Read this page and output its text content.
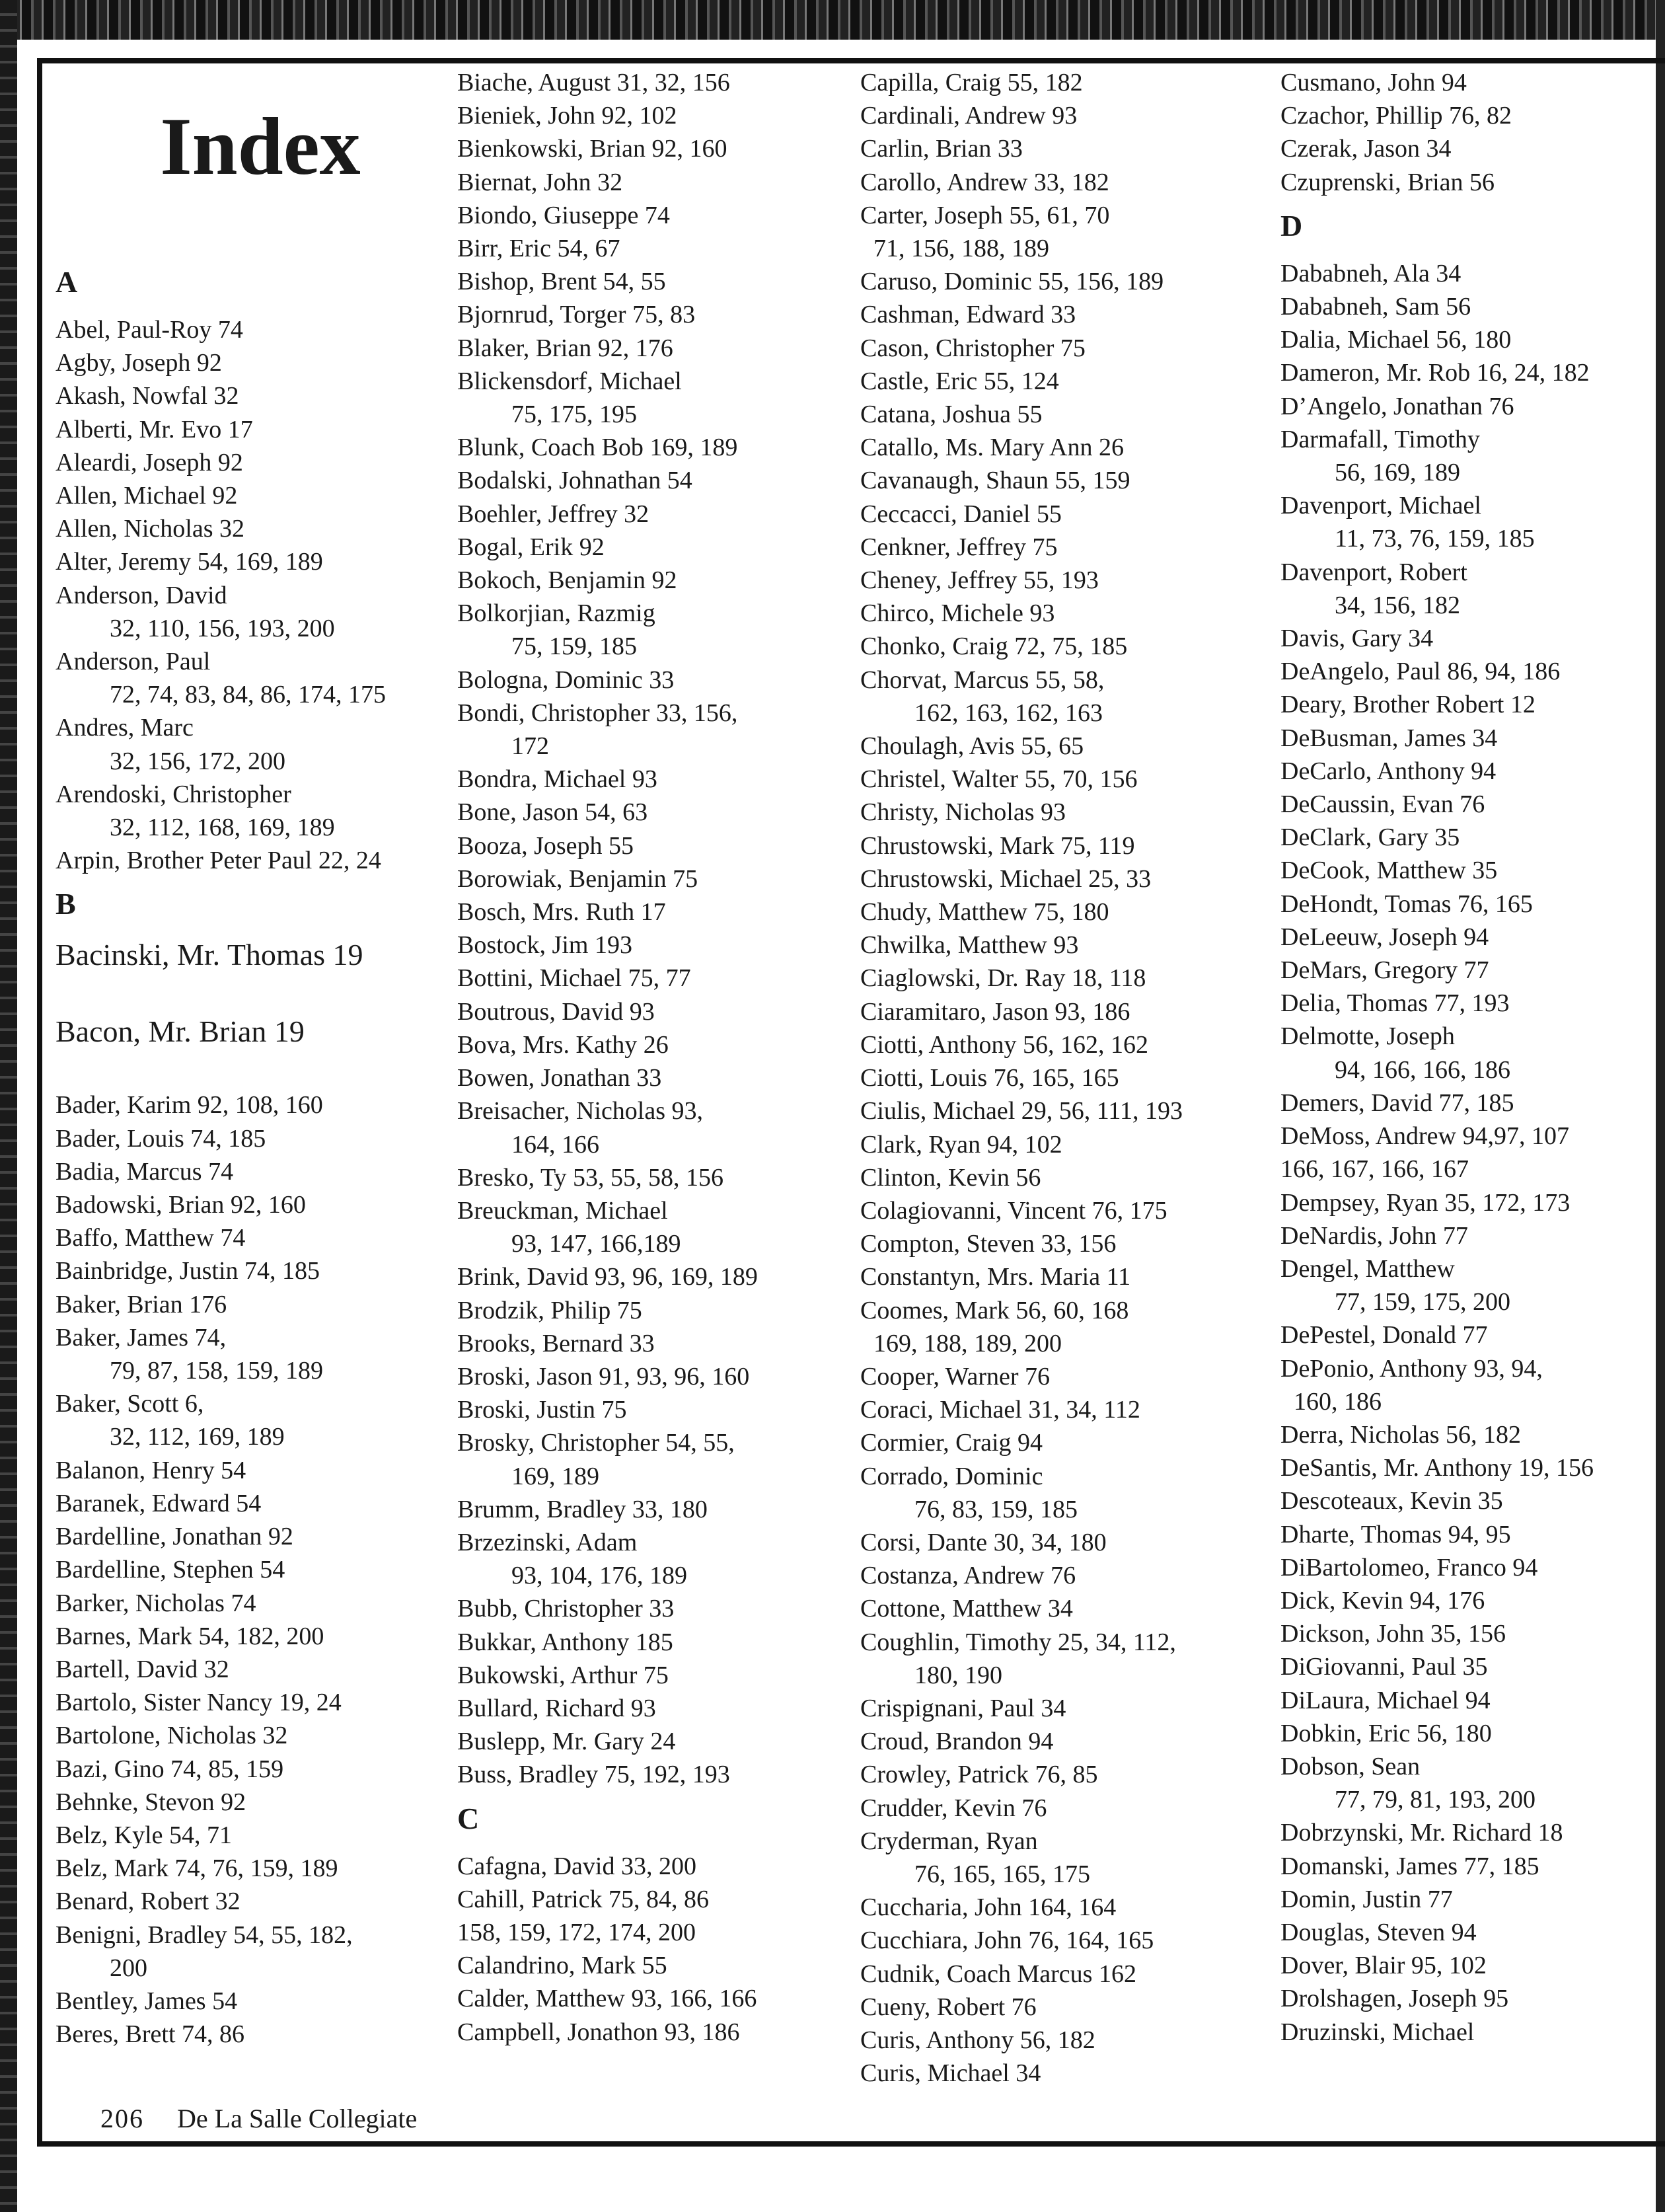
Index
A
Abel, Paul-Roy 74
Agby, Joseph 92
Akash, Nowfal 32
Alberti, Mr. Evo 17
Aleardi, Joseph 92
Allen, Michael 92
Allen, Nicholas 32
Alter, Jeremy 54, 169, 189
Anderson, David
32, 110, 156, 193, 200
Anderson, Paul
72, 74, 83, 84, 86, 174, 175
Andres, Marc
32, 156, 172, 200
Arendoski, Christopher
32, 112, 168, 169, 189
Arpin, Brother Peter Paul 22, 24
B
Bacinski, Mr. Thomas 19
Bacon, Mr. Brian 19
Bader, Karim 92, 108, 160
Bader, Louis 74, 185
Badia, Marcus 74
Badowski, Brian 92, 160
Baffo, Matthew 74
Bainbridge, Justin 74, 185
Baker, Brian 176
Baker, James 74,
79, 87, 158, 159, 189
Baker, Scott 6,
32, 112, 169, 189
Balanon, Henry 54
Baranek, Edward 54
Bardelline, Jonathan 92
Bardelline, Stephen 54
Barker, Nicholas 74
Barnes, Mark 54, 182, 200
Bartell, David 32
Bartolo, Sister Nancy 19, 24
Bartolone, Nicholas 32
Bazi, Gino 74, 85, 159
Behnke, Stevon 92
Belz, Kyle 54, 71
Belz, Mark 74, 76, 159, 189
Benard, Robert 32
Benigni, Bradley 54, 55, 182,
200
Bentley, James 54
Beres, Brett 74, 86
Biache, August 31, 32, 156
Bieniek, John 92, 102
Bienkowski, Brian 92, 160
Biernat, John 32
Biondo, Giuseppe 74
Birr, Eric 54, 67
Bishop, Brent 54, 55
Bjornrud, Torger 75, 83
Blaker, Brian 92, 176
Blickensdorf, Michael
75, 175, 195
Blunk, Coach Bob 169, 189
Bodalski, Johnathan 54
Boehler, Jeffrey 32
Bogal, Erik 92
Bokoch, Benjamin 92
Bolkorjian, Razmig
75, 159, 185
Bologna, Dominic 33
Bondi, Christopher 33, 156,
172
Bondra, Michael 93
Bone, Jason 54, 63
Booza, Joseph 55
Borowiak, Benjamin 75
Bosch, Mrs. Ruth 17
Bostock, Jim 193
Bottini, Michael 75, 77
Boutrous, David 93
Bova, Mrs. Kathy 26
Bowen, Jonathan 33
Breisacher, Nicholas 93,
164, 166
Bresko, Ty 53, 55, 58, 156
Breuckman, Michael
93, 147, 166,189
Brink, David 93, 96, 169, 189
Brodzik, Philip 75
Brooks, Bernard 33
Broski, Jason 91, 93, 96, 160
Broski, Justin 75
Brosky, Christopher 54, 55,
169, 189
Brumm, Bradley 33, 180
Brzezinski, Adam
93, 104, 176, 189
Bubb, Christopher 33
Bukkar, Anthony 185
Bukowski, Arthur 75
Bullard, Richard 93
Buslepp, Mr. Gary 24
Buss, Bradley 75, 192, 193
C
Cafagna, David 33, 200
Cahill, Patrick 75, 84, 86
158, 159, 172, 174, 200
Calandrino, Mark 55
Calder, Matthew 93, 166, 166
Campbell, Jonathon 93, 186
Capilla, Craig 55, 182
Cardinali, Andrew 93
Carlin, Brian 33
Carollo, Andrew 33, 182
Carter, Joseph 55, 61, 70
71, 156, 188, 189
Caruso, Dominic 55, 156, 189
Cashman, Edward 33
Cason, Christopher 75
Castle, Eric 55, 124
Catana, Joshua 55
Catallo, Ms. Mary Ann 26
Cavanaugh, Shaun 55, 159
Ceccacci, Daniel 55
Cenkner, Jeffrey 75
Cheney, Jeffrey 55, 193
Chirco, Michele 93
Chonko, Craig 72, 75, 185
Chorvat, Marcus 55, 58,
162, 163, 162, 163
Choulagh, Avis 55, 65
Christel, Walter 55, 70, 156
Christy, Nicholas 93
Chrustowski, Mark 75, 119
Chrustowski, Michael 25, 33
Chudy, Matthew 75, 180
Chwilka, Matthew 93
Ciaglowski, Dr. Ray 18, 118
Ciaramitaro, Jason 93, 186
Ciotti, Anthony 56, 162, 162
Ciotti, Louis 76, 165, 165
Ciulis, Michael 29, 56, 111, 193
Clark, Ryan 94, 102
Clinton, Kevin 56
Colagiovanni, Vincent 76, 175
Compton, Steven 33, 156
Constantyn, Mrs. Maria 11
Coomes, Mark 56, 60, 168
169, 188, 189, 200
Cooper, Warner 76
Coraci, Michael 31, 34, 112
Cormier, Craig 94
Corrado, Dominic
76, 83, 159, 185
Corsi, Dante 30, 34, 180
Costanza, Andrew 76
Cottone, Matthew 34
Coughlin, Timothy 25, 34, 112,
180, 190
Crispignani, Paul 34
Croud, Brandon 94
Crowley, Patrick 76, 85
Crudder, Kevin 76
Cryderman, Ryan
76, 165, 165, 175
Cuccharia, John 164, 164
Cucchiara, John 76, 164, 165
Cudnik, Coach Marcus 162
Cueny, Robert 76
Curis, Anthony 56, 182
Curis, Michael 34
Cusmano, John 94
Czachor, Phillip 76, 82
Czerak, Jason 34
Czuprenski, Brian 56
D
Dababneh, Ala 34
Dababneh, Sam 56
Dalia, Michael 56, 180
Dameron, Mr. Rob 16, 24, 182
D’Angelo, Jonathan 76
Darmafall, Timothy
56, 169, 189
Davenport, Michael
11, 73, 76, 159, 185
Davenport, Robert
34, 156, 182
Davis, Gary 34
DeAngelo, Paul 86, 94, 186
Deary, Brother Robert 12
DeBusman, James 34
DeCarlo, Anthony 94
DeCaussin, Evan 76
DeClark, Gary 35
DeCook, Matthew 35
DeHondt, Tomas 76, 165
DeLeeuw, Joseph 94
DeMars, Gregory 77
Delia, Thomas 77, 193
Delmotte, Joseph
94, 166, 166, 186
Demers, David 77, 185
DeMoss, Andrew 94,97, 107
166, 167, 166, 167
Dempsey, Ryan 35, 172, 173
DeNardis, John 77
Dengel, Matthew
77, 159, 175, 200
DePestel, Donald 77
DePonio, Anthony 93, 94,
160, 186
Derra, Nicholas 56, 182
DeSantis, Mr. Anthony 19, 156
Descoteaux, Kevin 35
Dharte, Thomas 94, 95
DiBartolomeo, Franco 94
Dick, Kevin 94, 176
Dickson, John 35, 156
DiGiovanni, Paul 35
DiLaura, Michael 94
Dobkin, Eric 56, 180
Dobson, Sean
77, 79, 81, 193, 200
Dobrzynski, Mr. Richard 18
Domanski, James 77, 185
Domin, Justin 77
Douglas, Steven 94
Dover, Blair 95, 102
Drolshagen, Joseph 95
Druzinski, Michael
206 De La Salle Collegiate
